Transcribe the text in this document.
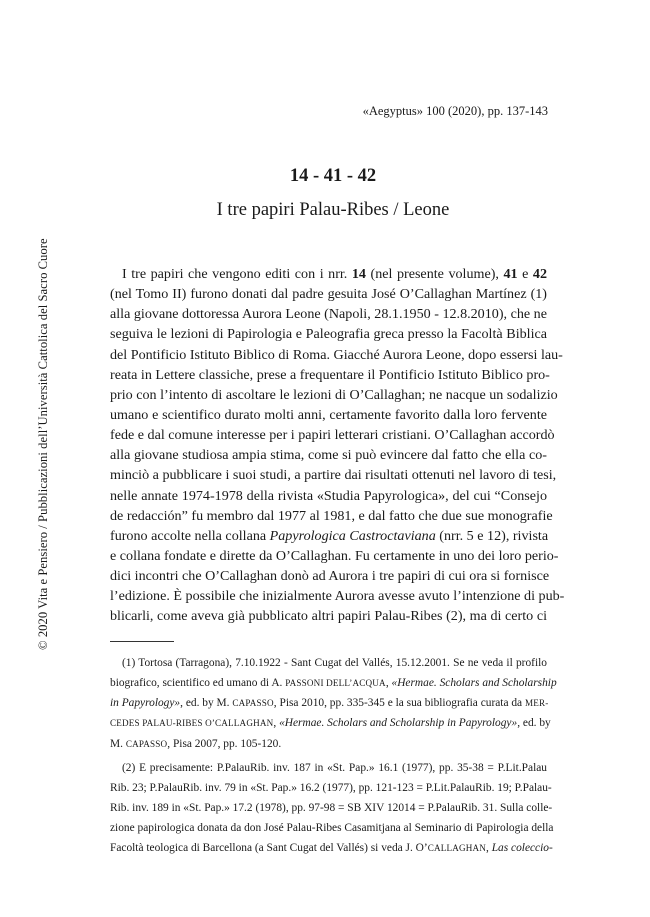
© 2020 Vita e Pensiero / Pubblicazioni dell’Università Cattolica del Sacro Cuore
«Aegyptus» 100 (2020), pp. 137-143
14 - 41 - 42
I tre papiri Palau-Ribes / Leone
I tre papiri che vengono editi con i nrr. 14 (nel presente volume), 41 e 42
(nel Tomo II) furono donati dal padre gesuita José O’Callaghan Martínez (1)
alla giovane dottoressa Aurora Leone (Napoli, 28.1.1950 - 12.8.2010), che ne
seguiva le lezioni di Papirologia e Paleografia greca presso la Facoltà Biblica
del Pontificio Istituto Biblico di Roma. Giacché Aurora Leone, dopo essersi lau-
reata in Lettere classiche, prese a frequentare il Pontificio Istituto Biblico pro-
prio con l’intento di ascoltare le lezioni di O’Callaghan; ne nacque un sodalizio
umano e scientifico durato molti anni, certamente favorito dalla loro fervente
fede e dal comune interesse per i papiri letterari cristiani. O’Callaghan accordò
alla giovane studiosa ampia stima, come si può evincere dal fatto che ella co-
minciò a pubblicare i suoi studi, a partire dai risultati ottenuti nel lavoro di tesi,
nelle annate 1974-1978 della rivista «Studia Papyrologica», del cui “Consejo
de redacción” fu membro dal 1977 al 1981, e dal fatto che due sue monografie
furono accolte nella collana Papyrologica Castroctaviana (nrr. 5 e 12), rivista
e collana fondate e dirette da O’Callaghan. Fu certamente in uno dei loro perio-
dici incontri che O’Callaghan donò ad Aurora i tre papiri di cui ora si fornisce
l’edizione. È possibile che inizialmente Aurora avesse avuto l’intenzione di pub-
blicarli, come aveva già pubblicato altri papiri Palau-Ribes (2), ma di certo ci
(1) Tortosa (Tarragona), 7.10.1922 - Sant Cugat del Vallés, 15.12.2001. Se ne veda il profilo
biografico, scientifico ed umano di A. PASSONI DELL’ACQUA, «Hermae. Scholars and Scholarship
in Papyrology», ed. by M. CAPASSO, Pisa 2010, pp. 335-345 e la sua bibliografia curata da MER-
CEDES PALAU-RIBES O’CALLAGHAN, «Hermae. Scholars and Scholarship in Papyrology», ed. by
M. CAPASSO, Pisa 2007, pp. 105-120.
(2) E precisamente: P.PalauRib. inv. 187 in «St. Pap.» 16.1 (1977), pp. 35-38 = P.Lit.Palau
Rib. 23; P.PalauRib. inv. 79 in «St. Pap.» 16.2 (1977), pp. 121-123 = P.Lit.PalauRib. 19; P.Palau-
Rib. inv. 189 in «St. Pap.» 17.2 (1978), pp. 97-98 = SB XIV 12014 = P.PalauRib. 31. Sulla colle-
zione papirologica donata da don José Palau-Ribes Casamitjana al Seminario di Papirologia della
Facoltà teologica di Barcellona (a Sant Cugat del Vallés) si veda J. O’CALLAGHAN, Las coleccio-
